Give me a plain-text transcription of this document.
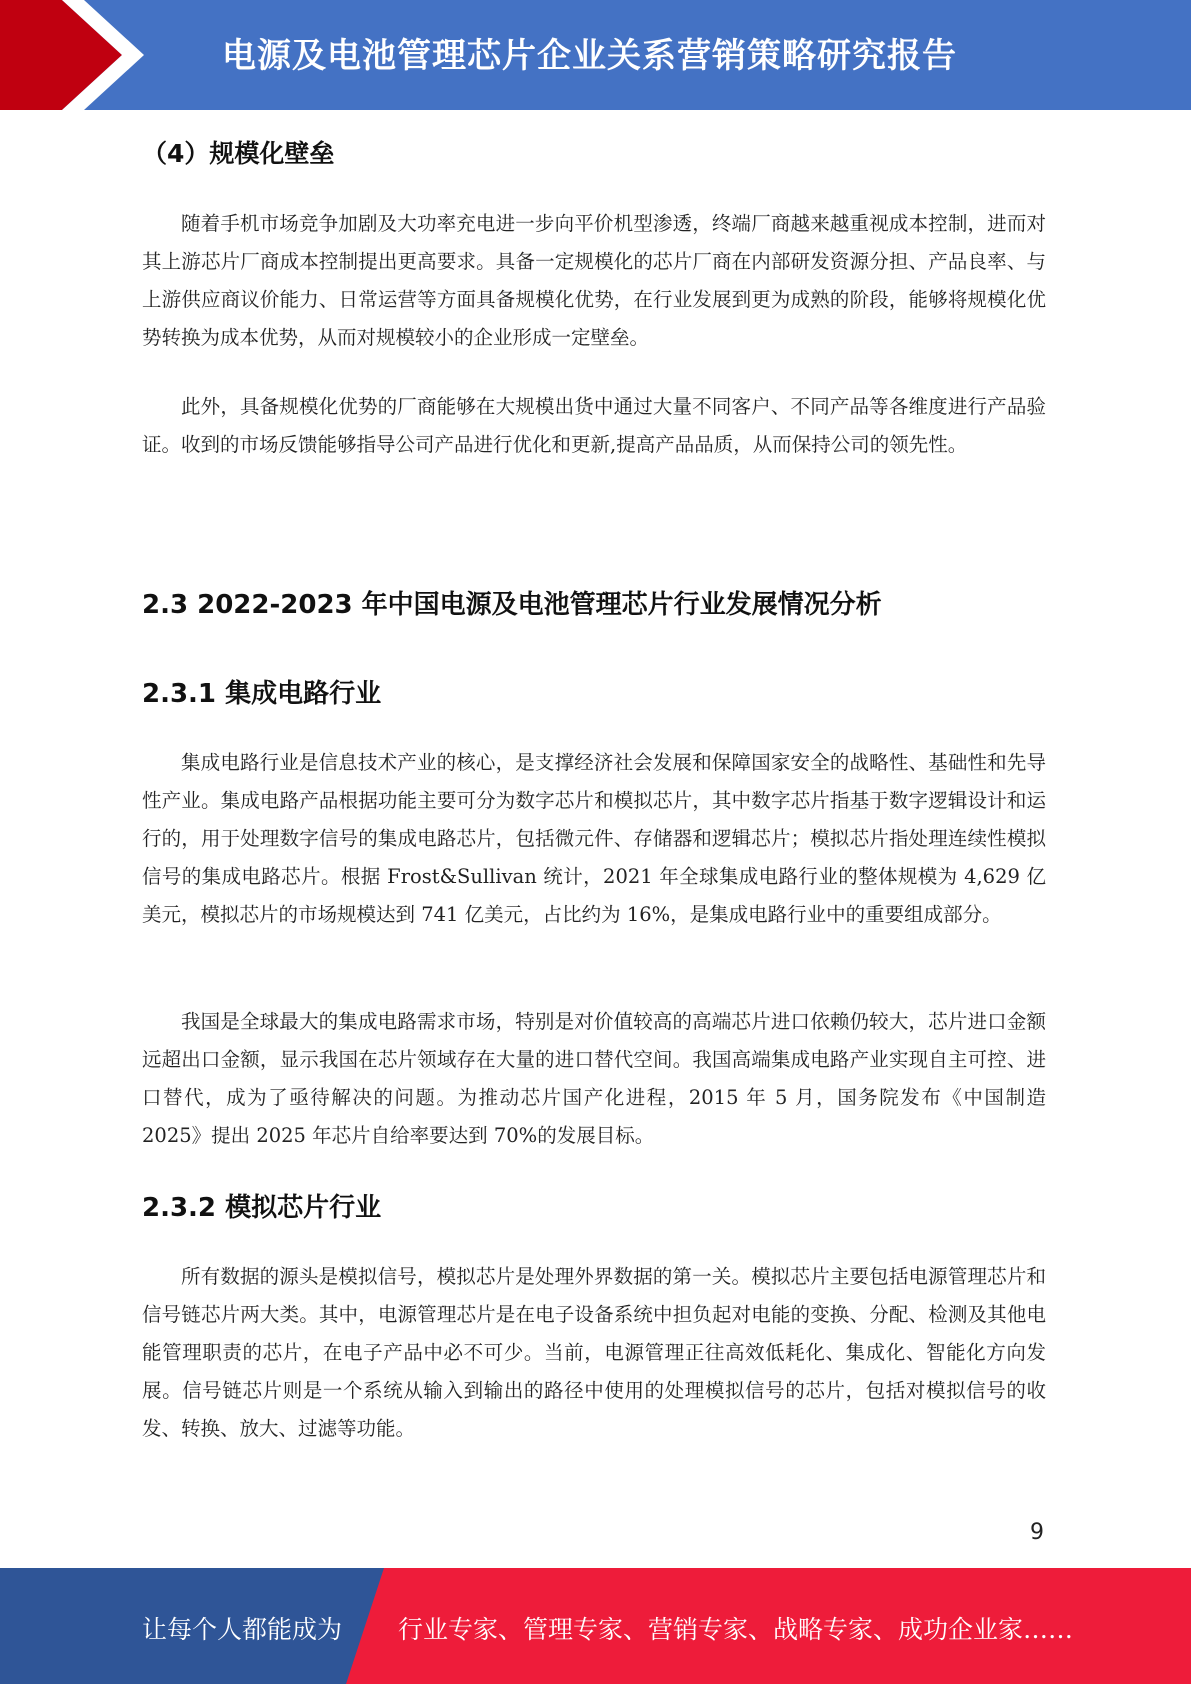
电源及电池管理芯片企业关系营销策略研究报告
（4）规模化壁垒

随着手机市场竞争加剧及大功率充电进一步向平价机型渗透，终端厂商越来越重视成本控制，进而对其上游芯片厂商成本控制提出更高要求。具备一定规模化的芯片厂商在内部研发资源分担、产品良率、与上游供应商议价能力、日常运营等方面具备规模化优势，在行业发展到更为成熟的阶段，能够将规模化优势转换为成本优势，从而对规模较小的企业形成一定壁垒。

此外，具备规模化优势的厂商能够在大规模出货中通过大量不同客户、不同产品等各维度进行产品验证。收到的市场反馈能够指导公司产品进行优化和更新,提高产品品质，从而保持公司的领先性。

2.3 2022-2023 年中国电源及电池管理芯片行业发展情况分析
2.3.1 集成电路行业

集成电路行业是信息技术产业的核心，是支撑经济社会发展和保障国家安全的战略性、基础性和先导性产业。集成电路产品根据功能主要可分为数字芯片和模拟芯片，其中数字芯片指基于数字逻辑设计和运行的，用于处理数字信号的集成电路芯片，包括微元件、存储器和逻辑芯片；模拟芯片指处理连续性模拟信号的集成电路芯片。根据 Frost&Sullivan 统计，2021 年全球集成电路行业的整体规模为 4,629 亿美元，模拟芯片的市场规模达到 741 亿美元，占比约为 16%，是集成电路行业中的重要组成部分。

我国是全球最大的集成电路需求市场，特别是对价值较高的高端芯片进口依赖仍较大，芯片进口金额远超出口金额，显示我国在芯片领域存在大量的进口替代空间。我国高端集成电路产业实现自主可控、进口替代，成为了亟待解决的问题。为推动芯片国产化进程，2015 年 5 月，国务院发布《中国制造 2025》提出 2025 年芯片自给率要达到 70%的发展目标。

2.3.2 模拟芯片行业

所有数据的源头是模拟信号，模拟芯片是处理外界数据的第一关。模拟芯片主要包括电源管理芯片和信号链芯片两大类。其中，电源管理芯片是在电子设备系统中担负起对电能的变换、分配、检测及其他电能管理职责的芯片，在电子产品中必不可少。当前，电源管理正往高效低耗化、集成化、智能化方向发展。信号链芯片则是一个系统从输入到输出的路径中使用的处理模拟信号的芯片，包括对模拟信号的收发、转换、放大、过滤等功能。

9
让每个人都能成为 行业专家、管理专家、营销专家、战略专家、成功企业家……
